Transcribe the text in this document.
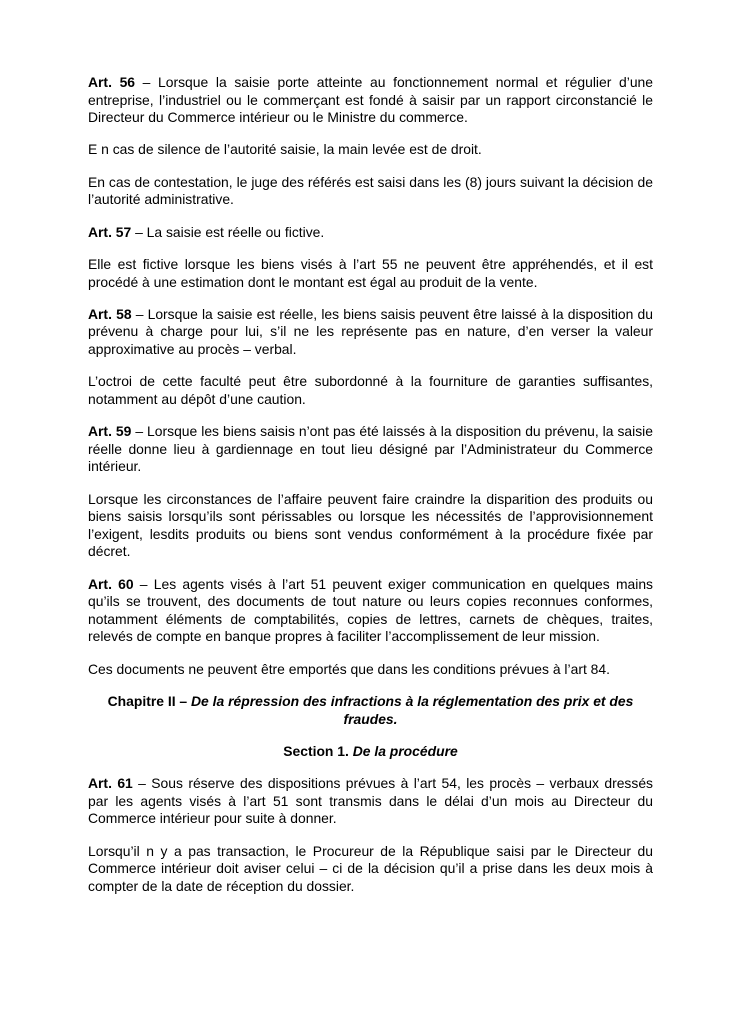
Art. 56 – Lorsque la saisie porte atteinte au fonctionnement normal et régulier d’une entreprise, l’industriel ou le commerçant est fondé à saisir par un rapport circonstancié le Directeur du Commerce intérieur ou le Ministre du commerce.

E n cas de silence de l’autorité saisie, la main levée est de droit.

En cas de contestation, le juge des référés est saisi dans les (8) jours suivant la décision de l’autorité administrative.

Art. 57 – La saisie est réelle ou fictive.

Elle est fictive lorsque les biens visés à l’art 55 ne peuvent être appréhendés, et il est procédé à une estimation dont le montant est égal au produit de la vente.

Art. 58 – Lorsque la saisie est réelle, les biens saisis peuvent être laissé à la disposition du prévenu à charge pour lui, s’il ne les représente pas en nature, d’en verser la valeur approximative au procès – verbal.

L’octroi de cette faculté peut être subordonné à la fourniture de garanties suffisantes, notamment au dépôt d’une caution.

Art. 59 – Lorsque les biens saisis n’ont pas été laissés à la disposition du prévenu, la saisie réelle donne lieu à gardiennage en tout lieu désigné par l’Administrateur du Commerce intérieur.

Lorsque les circonstances de l’affaire peuvent faire craindre la disparition des produits ou biens saisis lorsqu’ils sont périssables ou lorsque les nécessités de l’approvisionnement l’exigent, lesdits produits ou biens sont vendus conformément à la procédure fixée par décret.

Art. 60 – Les agents visés à l’art 51 peuvent exiger communication en quelques mains qu’ils se trouvent, des documents de tout nature ou leurs copies reconnues conformes, notamment éléments de comptabilités, copies de lettres, carnets de chèques, traites, relevés de compte en banque propres à faciliter l’accomplissement de leur mission.

Ces documents ne peuvent être emportés que dans les conditions prévues à l’art 84.

Chapitre II – De la répression des infractions à la réglementation des prix et des fraudes.

Section 1. De la procédure

Art. 61 – Sous réserve des dispositions prévues à l’art 54, les procès – verbaux dressés par les agents visés à l’art 51 sont transmis dans le délai d’un mois au Directeur du Commerce intérieur pour suite à donner.

Lorsqu’il n y a pas transaction, le Procureur de la République saisi par le Directeur du Commerce intérieur doit aviser celui – ci de la décision qu’il a prise dans les deux mois à compter de la date de réception du dossier.
